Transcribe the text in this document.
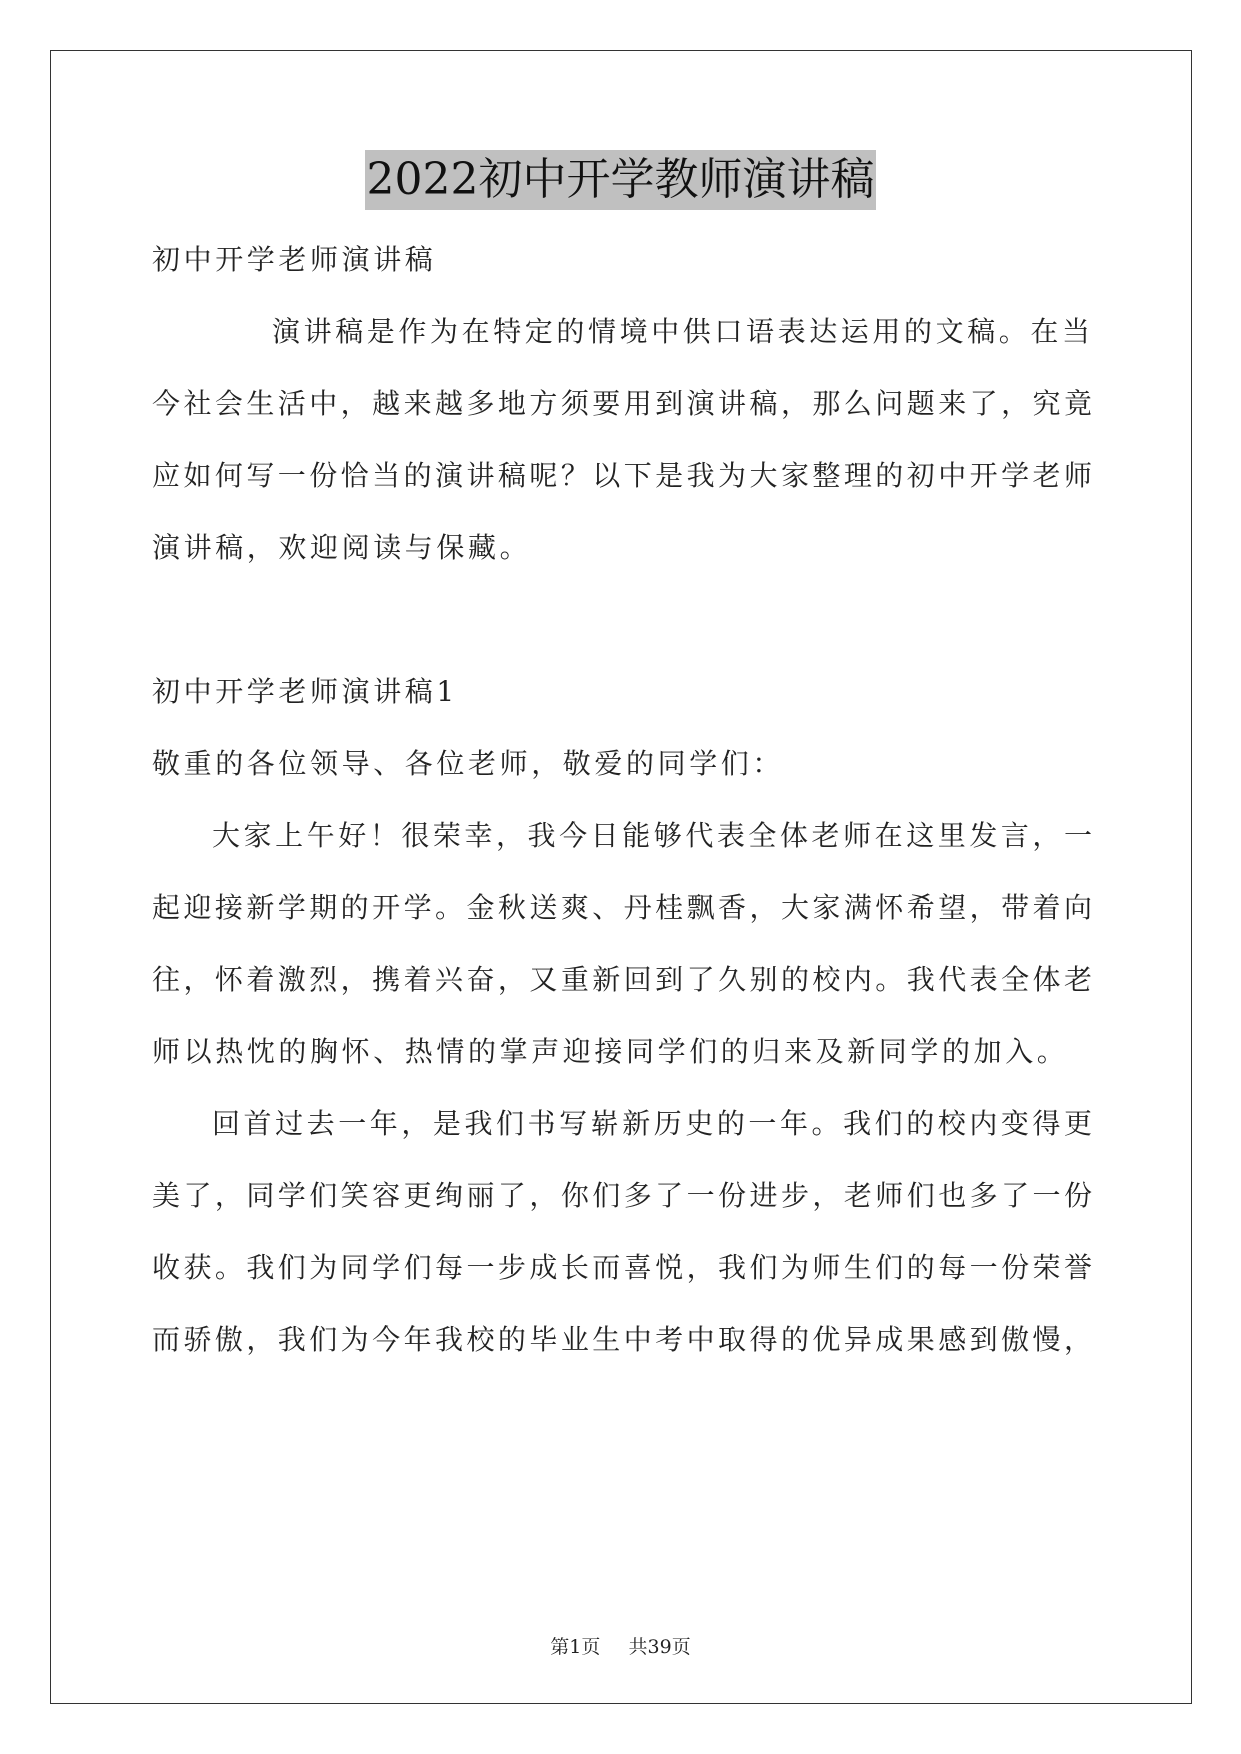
2022初中开学教师演讲稿
初中开学老师演讲稿
演讲稿是作为在特定的情境中供口语表达运用的文稿。在当
今社会生活中，越来越多地方须要用到演讲稿，那么问题来了，究竟
应如何写一份恰当的演讲稿呢？以下是我为大家整理的初中开学老师
演讲稿，欢迎阅读与保藏。
初中开学老师演讲稿1
敬重的各位领导、各位老师，敬爱的同学们：
大家上午好！很荣幸，我今日能够代表全体老师在这里发言，一
起迎接新学期的开学。金秋送爽、丹桂飘香，大家满怀希望，带着向
往，怀着激烈，携着兴奋，又重新回到了久别的校内。我代表全体老
师以热忱的胸怀、热情的掌声迎接同学们的归来及新同学的加入。
回首过去一年，是我们书写崭新历史的一年。我们的校内变得更
美了，同学们笑容更绚丽了，你们多了一份进步，老师们也多了一份
收获。我们为同学们每一步成长而喜悦，我们为师生们的每一份荣誉
而骄傲，我们为今年我校的毕业生中考中取得的优异成果感到傲慢，
第1页 共39页
